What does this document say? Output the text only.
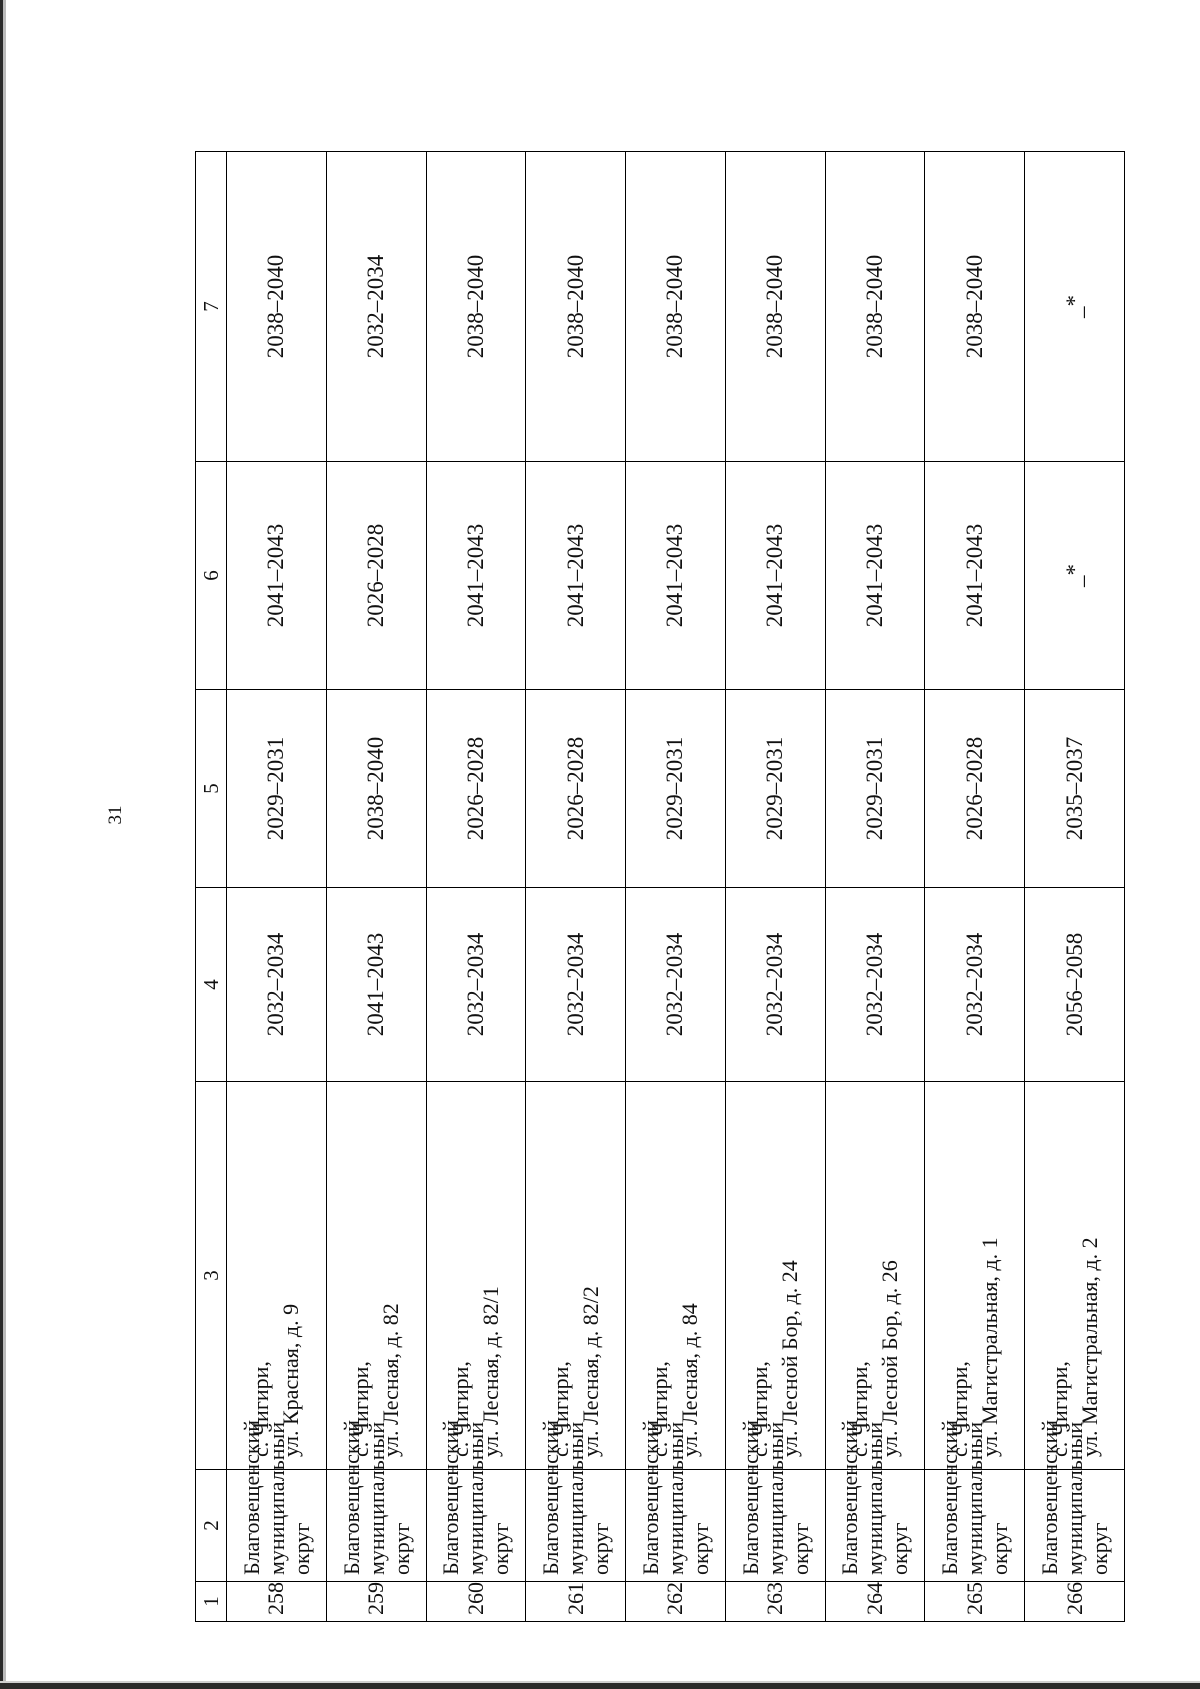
31
1	2	3	4	5	6	7
258	Благовещенский муниципальный округ	с. Чигири, ул. Красная, д. 9	2032–2034	2029–2031	2041–2043	2038–2040
259	Благовещенский муниципальный округ	с. Чигири, ул. Лесная, д. 82	2041–2043	2038–2040	2026–2028	2032–2034
260	Благовещенский муниципальный округ	с. Чигири, ул. Лесная, д. 82/1	2032–2034	2026–2028	2041–2043	2038–2040
261	Благовещенский муниципальный округ	с. Чигири, ул. Лесная, д. 82/2	2032–2034	2026–2028	2041–2043	2038–2040
262	Благовещенский муниципальный округ	с. Чигири, ул. Лесная, д. 84	2032–2034	2029–2031	2041–2043	2038–2040
263	Благовещенский муниципальный округ	с. Чигири, ул. Лесной Бор, д. 24	2032–2034	2029–2031	2041–2043	2038–2040
264	Благовещенский муниципальный округ	с. Чигири, ул. Лесной Бор, д. 26	2032–2034	2029–2031	2041–2043	2038–2040
265	Благовещенский муниципальный округ	с. Чигири, ул. Магистральная, д. 1	2032–2034	2026–2028	2041–2043	2038–2040
266	Благовещенский муниципальный округ	с. Чигири, ул. Магистральная, д. 2	2056–2058	2035–2037	_*	_*
